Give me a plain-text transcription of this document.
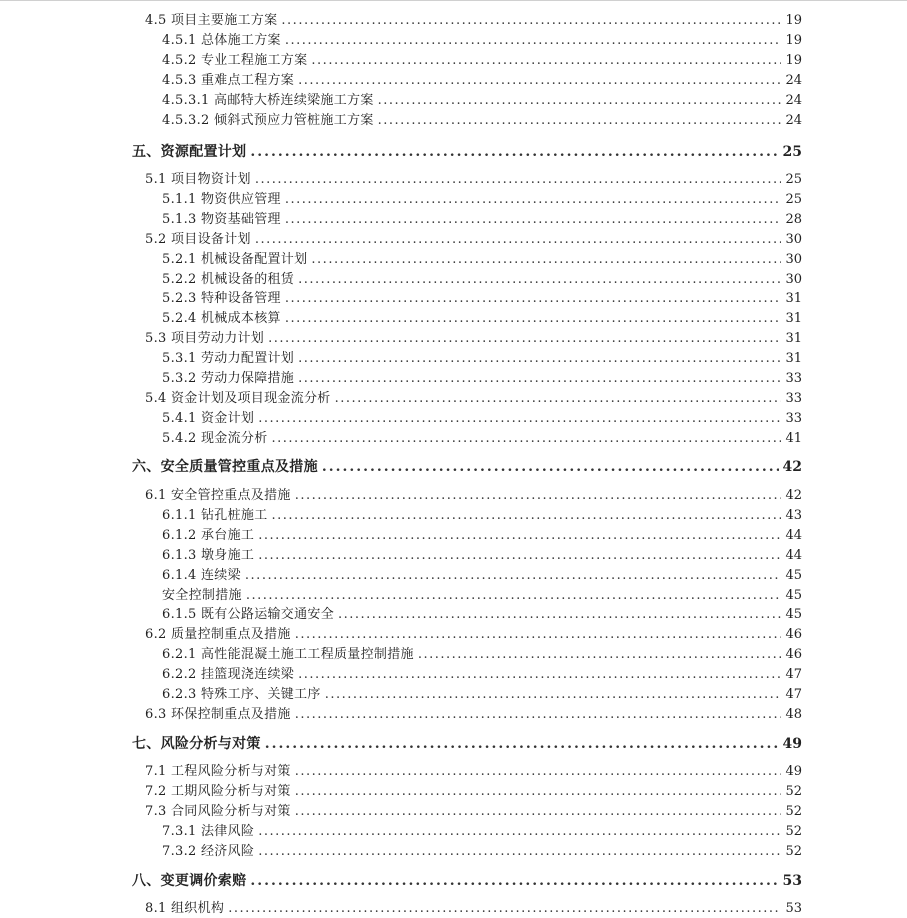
4.5 项目主要施工方案 .....	19
4.5.1 总体施工方案 .....	19
4.5.2 专业工程施工方案 .....	19
4.5.3 重难点工程方案 .....	24
4.5.3.1 高邮特大桥连续梁施工方案 .....	24
4.5.3.2 倾斜式预应力管桩施工方案 .....	24
五、资源配置计划 .....	25
5.1 项目物资计划 .....	25
5.1.1 物资供应管理 .....	25
5.1.3 物资基础管理 .....	28
5.2 项目设备计划 .....	30
5.2.1 机械设备配置计划 .....	30
5.2.2 机械设备的租赁 .....	30
5.2.3 特种设备管理 .....	31
5.2.4 机械成本核算 .....	31
5.3 项目劳动力计划 .....	31
5.3.1 劳动力配置计划 .....	31
5.3.2 劳动力保障措施 .....	33
5.4 资金计划及项目现金流分析 .....	33
5.4.1 资金计划 .....	33
5.4.2 现金流分析 .....	41
六、安全质量管控重点及措施 .....	42
6.1 安全管控重点及措施 .....	42
6.1.1 钻孔桩施工 .....	43
6.1.2 承台施工 .....	44
6.1.3 墩身施工 .....	44
6.1.4 连续梁 .....	45
安全控制措施 .....	45
6.1.5 既有公路运输交通安全 .....	45
6.2 质量控制重点及措施 .....	46
6.2.1 高性能混凝土施工工程质量控制措施 .....	46
6.2.2 挂篮现浇连续梁 .....	47
6.2.3 特殊工序、关键工序 .....	47
6.3 环保控制重点及措施 .....	48
七、风险分析与对策 .....	49
7.1 工程风险分析与对策 .....	49
7.2 工期风险分析与对策 .....	52
7.3 合同风险分析与对策 .....	52
7.3.1 法律风险 .....	52
7.3.2 经济风险 .....	52
八、变更调价索赔 .....	53
8.1 组织机构 .....	53
